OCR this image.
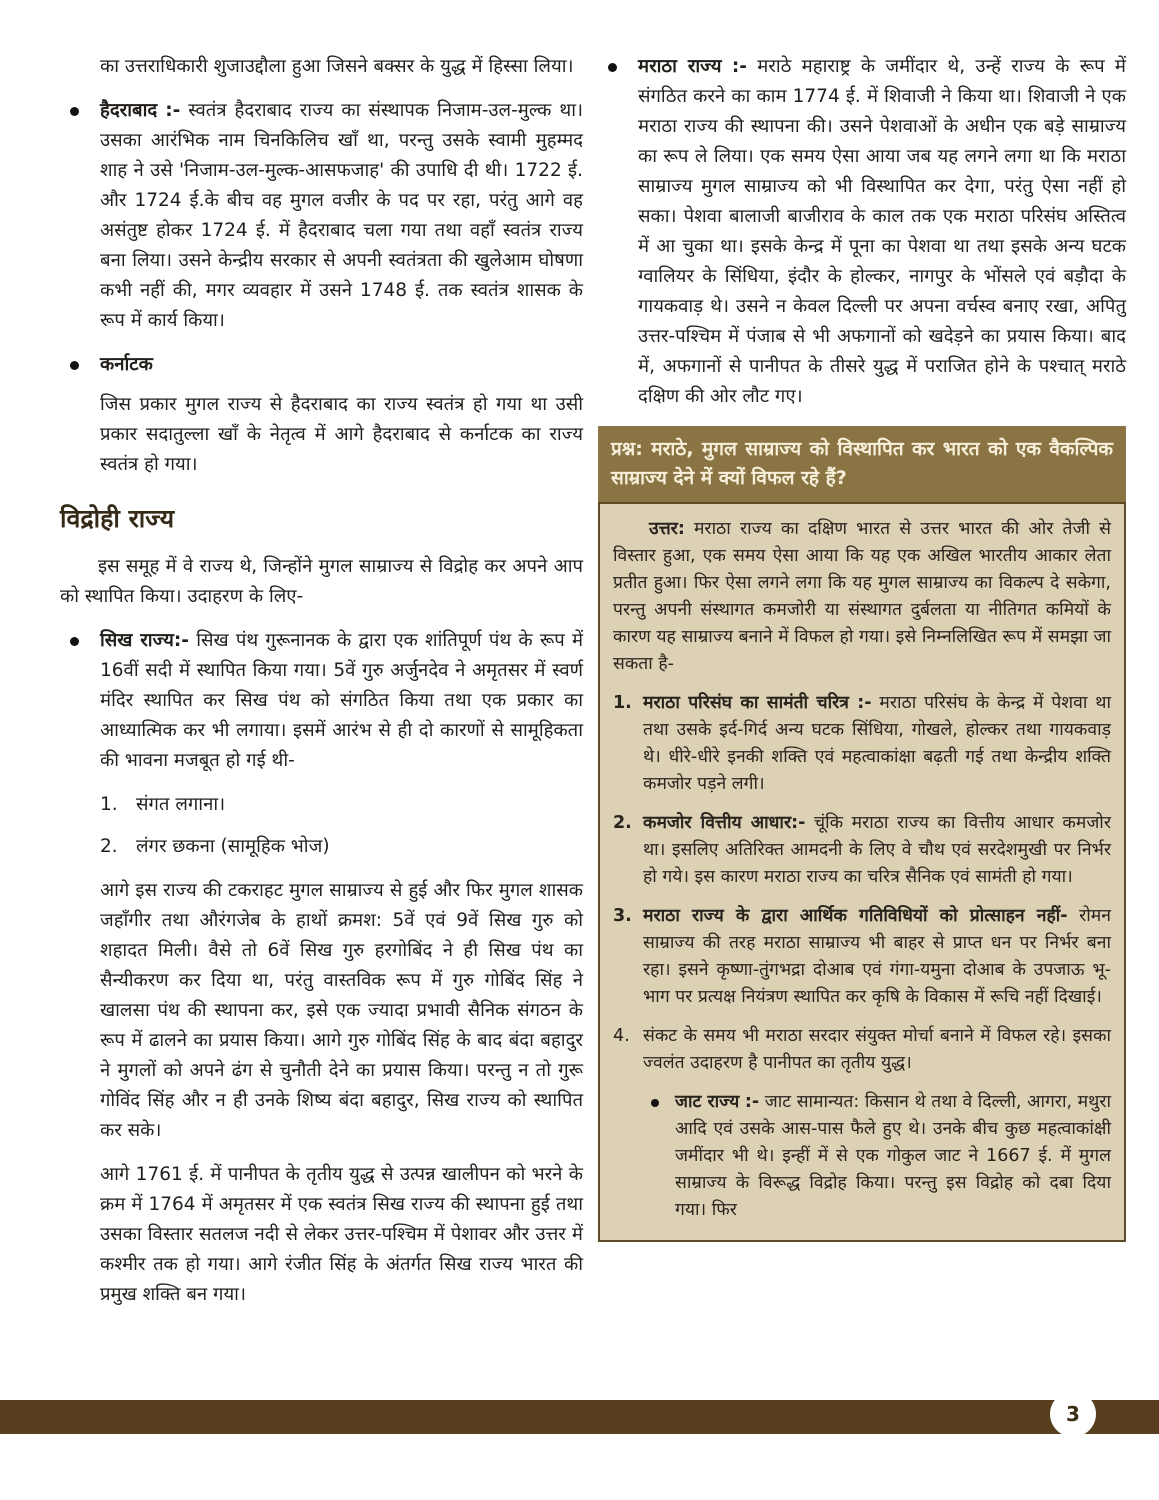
का उत्तराधिकारी शुजाउद्दौला हुआ जिसने बक्सर के युद्ध में हिस्सा लिया।

हैदराबाद :- स्वतंत्र हैदराबाद राज्य का संस्थापक निजाम-उल-मुल्क था। उसका आरंभिक नाम चिनकिलिच खाँ था, परन्तु उसके स्वामी मुहम्मद शाह ने उसे 'निजाम-उल-मुल्क-आसफजाह' की उपाधि दी थी। 1722 ई. और 1724 ई.के बीच वह मुगल वजीर के पद पर रहा, परंतु आगे वह असंतुष्ट होकर 1724 ई. में हैदराबाद चला गया तथा वहाँ स्वतंत्र राज्य बना लिया। उसने केन्द्रीय सरकार से अपनी स्वतंत्रता की खुलेआम घोषणा कभी नहीं की, मगर व्यवहार में उसने 1748 ई. तक स्वतंत्र शासक के रूप में कार्य किया।

कर्नाटक

जिस प्रकार मुगल राज्य से हैदराबाद का राज्य स्वतंत्र हो गया था उसी प्रकार सदातुल्ला खाँ के नेतृत्व में आगे हैदराबाद से कर्नाटक का राज्य स्वतंत्र हो गया।

विद्रोही राज्य

इस समूह में वे राज्य थे, जिन्होंने मुगल साम्राज्य से विद्रोह कर अपने आप को स्थापित किया। उदाहरण के लिए-

सिख राज्य:- सिख पंथ गुरूनानक के द्वारा एक शांतिपूर्ण पंथ के रूप में 16वीं सदी में स्थापित किया गया। 5वें गुरु अर्जुनदेव ने अमृतसर में स्वर्ण मंदिर स्थापित कर सिख पंथ को संगठित किया तथा एक प्रकार का आध्यात्मिक कर भी लगाया। इसमें आरंभ से ही दो कारणों से सामूहिकता की भावना मजबूत हो गई थी-

1. संगत लगाना।
2. लंगर छकना (सामूहिक भोज)

आगे इस राज्य की टकराहट मुगल साम्राज्य से हुई और फिर मुगल शासक जहाँगीर तथा औरंगजेब के हाथों क्रमश: 5वें एवं 9वें सिख गुरु को शहादत मिली। वैसे तो 6वें सिख गुरु हरगोबिंद ने ही सिख पंथ का सैन्यीकरण कर दिया था, परंतु वास्तविक रूप में गुरु गोबिंद सिंह ने खालसा पंथ की स्थापना कर, इसे एक ज्यादा प्रभावी सैनिक संगठन के रूप में ढालने का प्रयास किया। आगे गुरु गोबिंद सिंह के बाद बंदा बहादुर ने मुगलों को अपने ढंग से चुनौती देने का प्रयास किया। परन्तु न तो गुरू गोविंद सिंह और न ही उनके शिष्य बंदा बहादुर, सिख राज्य को स्थापित कर सके।

आगे 1761 ई. में पानीपत के तृतीय युद्ध से उत्पन्न खालीपन को भरने के क्रम में 1764 में अमृतसर में एक स्वतंत्र सिख राज्य की स्थापना हुई तथा उसका विस्तार सतलज नदी से लेकर उत्तर-पश्चिम में पेशावर और उत्तर में कश्मीर तक हो गया। आगे रंजीत सिंह के अंतर्गत सिख राज्य भारत की प्रमुख शक्ति बन गया।

मराठा राज्य :- मराठे महाराष्ट्र के जमींदार थे, उन्हें राज्य के रूप में संगठित करने का काम 1774 ई. में शिवाजी ने किया था। शिवाजी ने एक मराठा राज्य की स्थापना की। उसने पेशवाओं के अधीन एक बड़े साम्राज्य का रूप ले लिया। एक समय ऐसा आया जब यह लगने लगा था कि मराठा साम्राज्य मुगल साम्राज्य को भी विस्थापित कर देगा, परंतु ऐसा नहीं हो सका। पेशवा बालाजी बाजीराव के काल तक एक मराठा परिसंघ अस्तित्व में आ चुका था। इसके केन्द्र में पूना का पेशवा था तथा इसके अन्य घटक ग्वालियर के सिंधिया, इंदौर के होल्कर, नागपुर के भोंसले एवं बड़ौदा के गायकवाड़ थे। उसने न केवल दिल्ली पर अपना वर्चस्व बनाए रखा, अपितु उत्तर-पश्चिम में पंजाब से भी अफगानों को खदेड़ने का प्रयास किया। बाद में, अफगानों से पानीपत के तीसरे युद्ध में पराजित होने के पश्चात् मराठे दक्षिण की ओर लौट गए।

प्रश्न: मराठे, मुगल साम्राज्य को विस्थापित कर भारत को एक वैकल्पिक साम्राज्य देने में क्यों विफल रहे हैं?

उत्तर: मराठा राज्य का दक्षिण भारत से उत्तर भारत की ओर तेजी से विस्तार हुआ, एक समय ऐसा आया कि यह एक अखिल भारतीय आकार लेता प्रतीत हुआ। फिर ऐसा लगने लगा कि यह मुगल साम्राज्य का विकल्प दे सकेगा, परन्तु अपनी संस्थागत कमजोरी या संस्थागत दुर्बलता या नीतिगत कमियों के कारण यह साम्राज्य बनाने में विफल हो गया। इसे निम्नलिखित रूप में समझा जा सकता है-

1. मराठा परिसंघ का सामंती चरित्र :- मराठा परिसंघ के केन्द्र में पेशवा था तथा उसके इर्द-गिर्द अन्य घटक सिंधिया, गोखले, होल्कर तथा गायकवाड़ थे। धीरे-धीरे इनकी शक्ति एवं महत्वाकांक्षा बढ़ती गई तथा केन्द्रीय शक्ति कमजोर पड़ने लगी।
2. कमजोर वित्तीय आधार:- चूंकि मराठा राज्य का वित्तीय आधार कमजोर था। इसलिए अतिरिक्त आमदनी के लिए वे चौथ एवं सरदेशमुखी पर निर्भर हो गये। इस कारण मराठा राज्य का चरित्र सैनिक एवं सामंती हो गया।
3. मराठा राज्य के द्वारा आर्थिक गतिविधियों को प्रोत्साहन नहीं- रोमन साम्राज्य की तरह मराठा साम्राज्य भी बाहर से प्राप्त धन पर निर्भर बना रहा। इसने कृष्णा-तुंगभद्रा दोआब एवं गंगा-यमुना दोआब के उपजाऊ भू-भाग पर प्रत्यक्ष नियंत्रण स्थापित कर कृषि के विकास में रूचि नहीं दिखाई।
4. संकट के समय भी मराठा सरदार संयुक्त मोर्चा बनाने में विफल रहे। इसका ज्वलंत उदाहरण है पानीपत का तृतीय युद्ध।

जाट राज्य :- जाट सामान्यत: किसान थे तथा वे दिल्ली, आगरा, मथुरा आदि एवं उसके आस-पास फैले हुए थे। उनके बीच कुछ महत्वाकांक्षी जमींदार भी थे। इन्हीं में से एक गोकुल जाट ने 1667 ई. में मुगल साम्राज्य के विरूद्ध विद्रोह किया। परन्तु इस विद्रोह को दबा दिया गया। फिर

द स्टडी आईएएस
3
